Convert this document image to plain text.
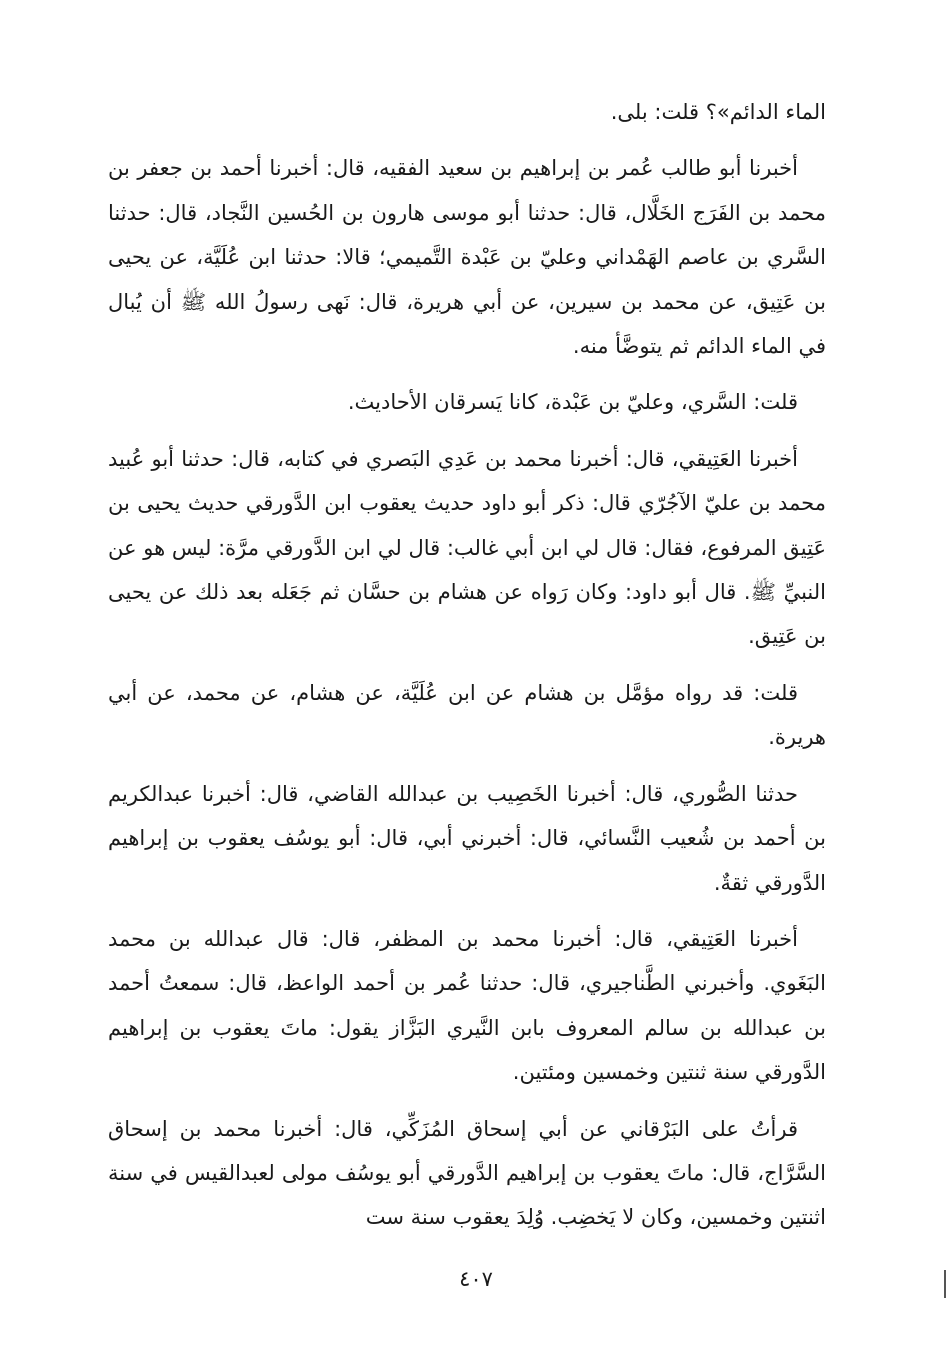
الماء الدائم»؟ قلت: بلى.

أخبرنا أبو طالب عُمر بن إبراهيم بن سعيد الفقيه، قال: أخبرنا أحمد بن جعفر بن محمد بن الفَرَج الخَلَّال، قال: حدثنا أبو موسى هارون بن الحُسين النَّجاد، قال: حدثنا السَّري بن عاصم الهَمْداني وعليّ بن عَبْدة التَّميمي؛ قالا: حدثنا ابن عُلَيَّة، عن يحيى بن عَتِيق، عن محمد بن سيرين، عن أبي هريرة، قال: نَهى رسولُ الله ﷺ أن يُبال في الماء الدائم ثم يتوضَّأ منه.

قلت: السَّري، وعليّ بن عَبْدة، كانا يَسرقان الأحاديث.

أخبرنا العَتِيقي، قال: أخبرنا محمد بن عَدِي البَصري في كتابه، قال: حدثنا أبو عُبيد محمد بن عليّ الآجُرّي قال: ذكر أبو داود حديث يعقوب ابن الدَّورقي حديث يحيى بن عَتِيق المرفوع، فقال: قال لي ابن أبي غالب: قال لي ابن الدَّورقي مرَّة: ليس هو عن النبيِّ ﷺ. قال أبو داود: وكان رَواه عن هشام بن حسَّان ثم جَعَله بعد ذلك عن يحيى بن عَتِيق.

قلت: قد رواه مؤمَّل بن هشام عن ابن عُلَيَّة، عن هشام، عن محمد، عن أبي هريرة.

حدثنا الصُّوري، قال: أخبرنا الخَصِيب بن عبدالله القاضي، قال: أخبرنا عبدالكريم بن أحمد بن شُعيب النَّسائي، قال: أخبرني أبي، قال: أبو يوسُف يعقوب بن إبراهيم الدَّورقي ثقةٌ.

أخبرنا العَتِيقي، قال: أخبرنا محمد بن المظفر، قال: قال عبدالله بن محمد البَغَوي. وأخبرني الطَّناجيري، قال: حدثنا عُمر بن أحمد الواعظ، قال: سمعتُ أحمد بن عبدالله بن سالم المعروف بابن النَّيري البَزَّاز يقول: ماتَ يعقوب بن إبراهيم الدَّورقي سنة ثنتين وخمسين ومئتين.

قرأتُ على البَرْقاني عن أبي إسحاق المُزَكِّي، قال: أخبرنا محمد بن إسحاق السَّرَّاج، قال: ماتَ يعقوب بن إبراهيم الدَّورقي أبو يوسُف مولى لعبدالقيس في سنة اثنتين وخمسين، وكان لا يَخضِب. وُلِدَ يعقوب سنة ست

٤٠٧
